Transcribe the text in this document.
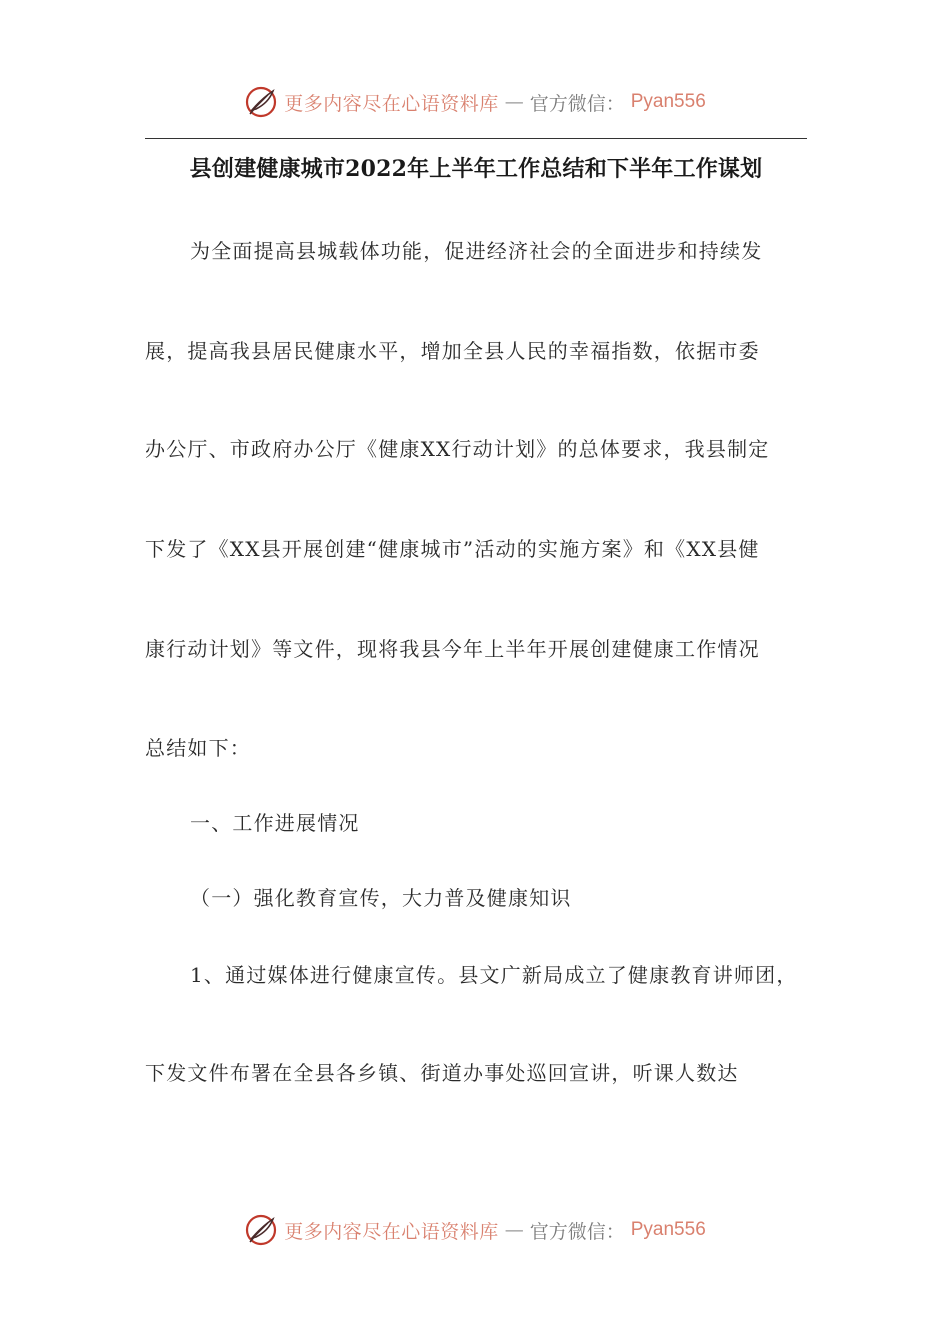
更多内容尽在心语资料库 — 官方微信： Pyan556
县创建健康城市2022年上半年工作总结和下半年工作谋划
为全面提高县城载体功能，促进经济社会的全面进步和持续发
展，提高我县居民健康水平，增加全县人民的幸福指数，依据市委
办公厅、市政府办公厅《健康XX行动计划》的总体要求，我县制定
下发了《XX县开展创建“健康城市”活动的实施方案》和《XX县健
康行动计划》等文件，现将我县今年上半年开展创建健康工作情况
总结如下：
一、工作进展情况
（一）强化教育宣传，大力普及健康知识
1、通过媒体进行健康宣传。县文广新局成立了健康教育讲师团，
下发文件布署在全县各乡镇、街道办事处巡回宣讲，听课人数达
更多内容尽在心语资料库 — 官方微信： Pyan556
